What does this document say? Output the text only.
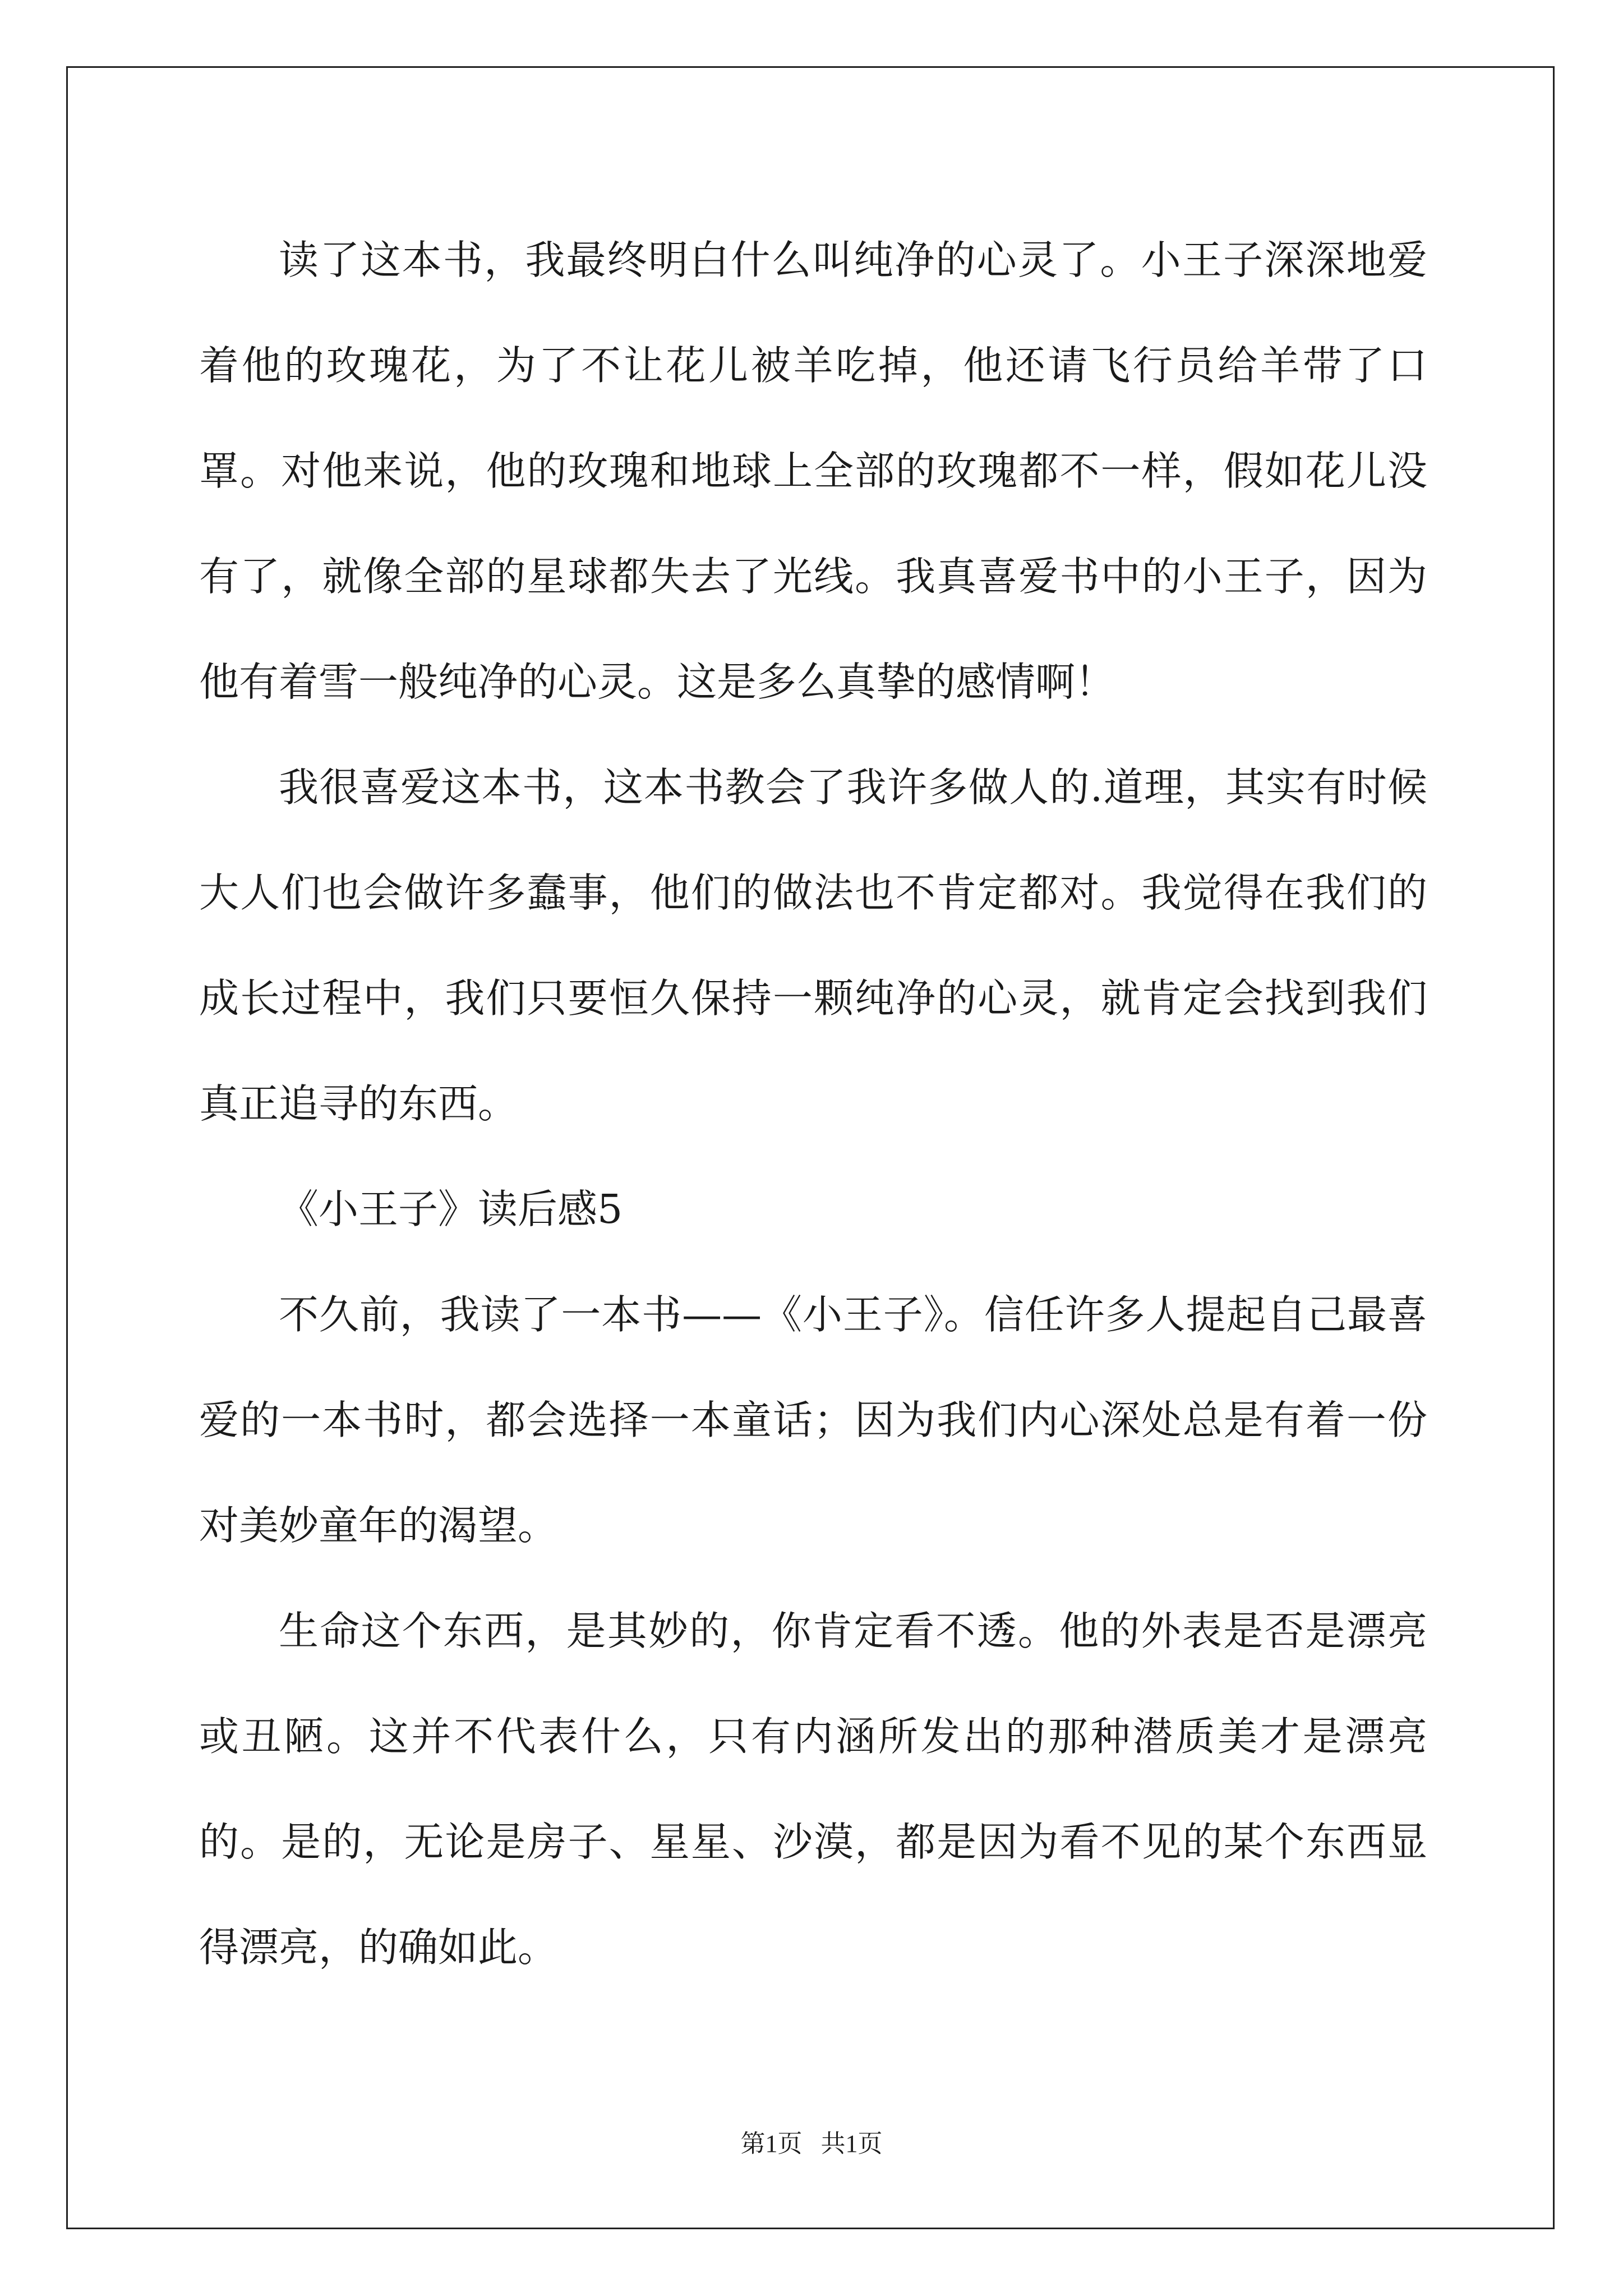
读了这本书，我最终明白什么叫纯净的心灵了。小王子深深地爱着他的玫瑰花，为了不让花儿被羊吃掉，他还请飞行员给羊带了口罩。对他来说，他的玫瑰和地球上全部的玫瑰都不一样，假如花儿没有了，就像全部的星球都失去了光线。我真喜爱书中的小王子，因为他有着雪一般纯净的心灵。这是多么真挚的感情啊！

我很喜爱这本书，这本书教会了我许多做人的.道理，其实有时候大人们也会做许多蠢事，他们的做法也不肯定都对。我觉得在我们的成长过程中，我们只要恒久保持一颗纯净的心灵，就肯定会找到我们真正追寻的东西。

《小王子》读后感5

不久前，我读了一本书——《小王子》。信任许多人提起自己最喜爱的一本书时，都会选择一本童话；因为我们内心深处总是有着一份对美妙童年的渴望。

生命这个东西，是其妙的，你肯定看不透。他的外表是否是漂亮或丑陋。这并不代表什么，只有内涵所发出的那种潜质美才是漂亮的。是的，无论是房子、星星、沙漠，都是因为看不见的某个东西显得漂亮，的确如此。

第1页   共1页
